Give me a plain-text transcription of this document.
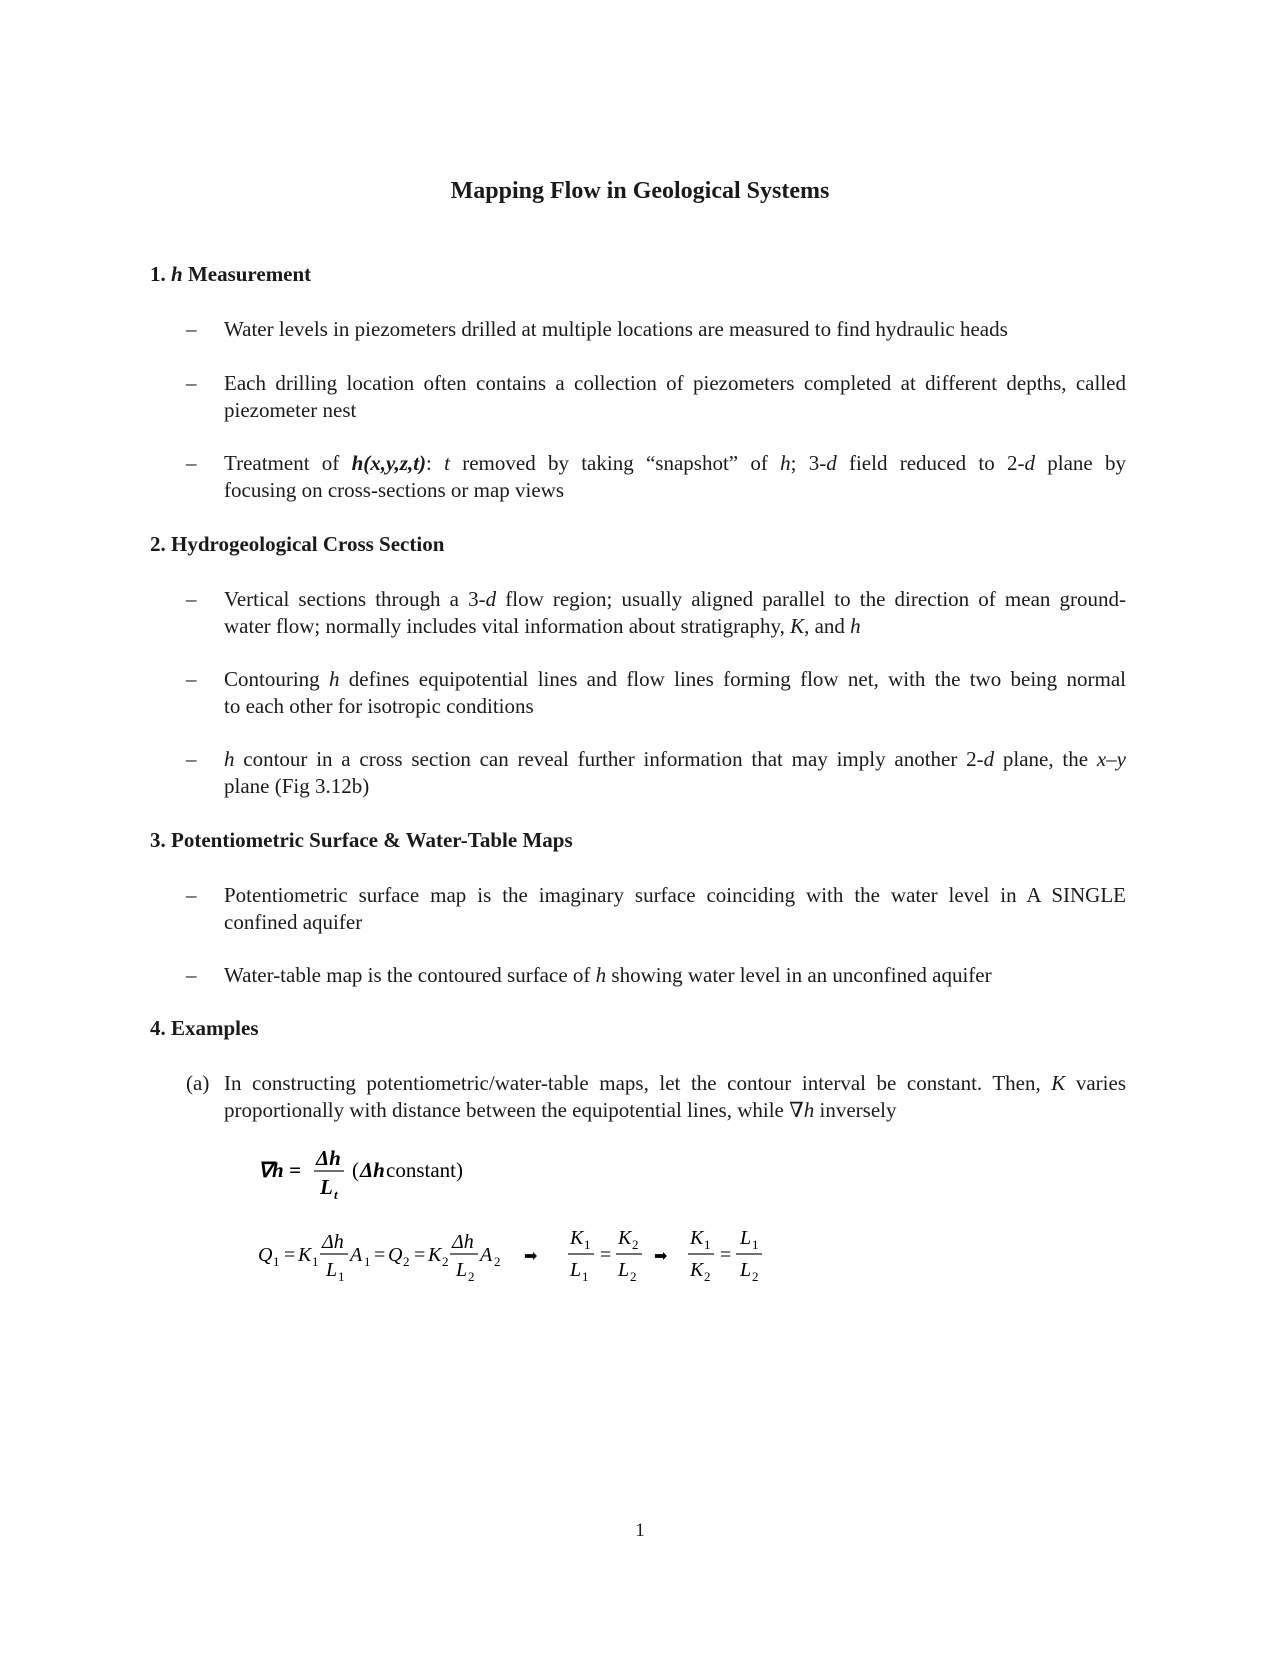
Mapping Flow in Geological Systems
1. h Measurement
–	Water levels in piezometers drilled at multiple locations are measured to find hydraulic heads
–	Each drilling location often contains a collection of piezometers completed at different depths, called
piezometer nest
–	Treatment of h(x,y,z,t): t removed by taking “snapshot” of h; 3-d field reduced to 2-d plane by
focusing on cross-sections or map views
2. Hydrogeological Cross Section
–	Vertical sections through a 3-d flow region; usually aligned parallel to the direction of mean ground-
water flow; normally includes vital information about stratigraphy, K, and h
–	Contouring h defines equipotential lines and flow lines forming flow net, with the two being normal
to each other for isotropic conditions
–	h contour in a cross section can reveal further information that may imply another 2-d plane, the x–y
plane (Fig 3.12b)
3. Potentiometric Surface & Water-Table Maps
–	Potentiometric surface map is the imaginary surface coinciding with the water level in A SINGLE
confined aquifer
–	Water-table map is the contoured surface of h showing water level in an unconfined aquifer
4. Examples
(a) In constructing potentiometric/water-table maps, let the contour interval be constant. Then, K varies
proportionally with distance between the equipotential lines, while ∇h inversely
∇h = Δh
L t
( Δh constant)
Q 1 = K 1
Δh
L 1
A 1 = Q 2 = K 2
Δh
L 2
A 2 ➡
K 1
L 1
=
K 2
L 2
➡
K 1
K 2
=
L 1
L 2
1
